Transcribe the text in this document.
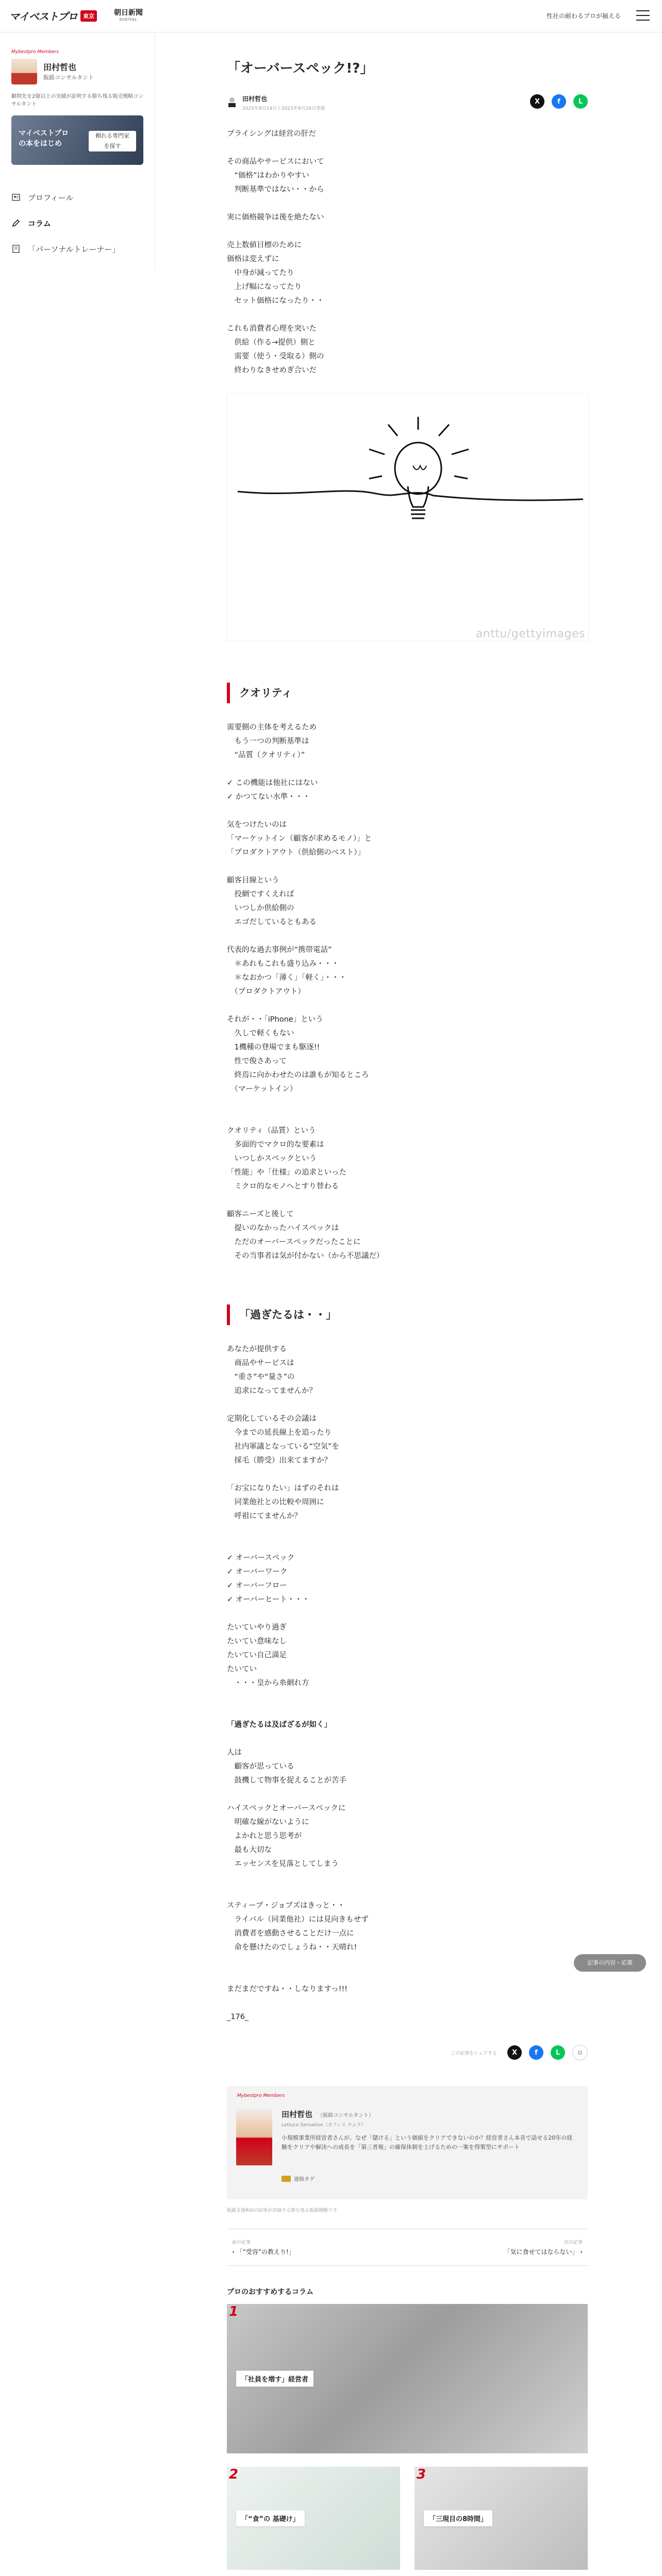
マイベストプロ	東京	朝日新聞
DIGITAL	性社の耐わるプロが揃える
Mybestpro Members
田村哲也
販路コンサルタント
顧問先を2億以上の実績が証明する勝ち残る販売戦略コンサルタント
マイベストプロ
の本をはじめ
頼れる専門家
を探す
プロフィール
コラム
「パーソナルトレーナー」
「オーバースペック!?」
田村哲也
2025年8月14日 / 2025年9月24日更新
X	f	L
プライシングは経営の肝だ
その商品やサービスにおいて
　“価格”はわかりやすい
　判断基準ではない・・から
実に価格競争は後を絶たない
売上数値目標のために
価格は変えずに
　中身が減ってたり
　上げ幅になってたり
　セット価格になったり・・
これも消費者心理を突いた
　供給（作る→提供）側と
　需要（使う・受取る）側の
　終わりなきせめぎ合いだ
anttu/gettyimages
クオリティ
需要側の主体を考えるため
　もう一つの判断基準は
　“品質（クオリティ）”
✓ この機能は他社にはない
✓ かつてない水準・・・
気をつけたいのは
「マーケットイン（顧客が求めるモノ）」と
「プロダクトアウト（供給側のベスト）」
顧客目線という
　投網ですくえれば
　いつしか供給側の
　エゴだしているともある
代表的な過去事例が“携帯電話”
　＊あれもこれも盛り込み・・・
　＊なおかつ「薄く」「軽く」・・・
　（プロダクトアウト）
それが・・「iPhone」という
　久しで軽くもない
　1機種の登場でまも駆逐!!
　性で俊さあって
　終焉に向かわせたのは誰もが知るところ
　（マーケットイン）
クオリティ（品質）という
　多面的でマクロ的な要素は
　いつしかスペックという
「性能」や「仕様」の追求といった
　ミクロ的なモノへとすり替わる
顧客ニーズと後して
　提いのなかったハイスペックは
　ただのオーバースペックだったことに
　その当事者は気が付かない（から不思議だ）
「過ぎたるは・・」
あなたが提供する
　商品やサービスは
　“重さ”や“量さ”の
　追求になってませんか？
定期化しているその会議は
　今までの延長線上を追ったり
　社内軍議となっている“空気”を
　採毛（勝受）出来てますか？
「お宝になりたい」はずのそれは
　同業他社との比較や周囲に
　呼祖にてませんか？
✓ オーバースペック
✓ オーバーワーク
✓ オーバーフロー
✓ オーバーヒート・・・
たいていやり過ぎ
たいてい意味なし
たいてい自己満足
たいてい
　・・・皇から糸網れ方
「過ぎたるは及ばざるが如く」
人は
　顧客が思っている
　鼓機して物事を捉えることが苦手
ハイスペックとオーバースペックに
　明確な線がないように
　よかれと思う思考が
　最も大切な
　エッセンスを見落としてしまう
スティーブ・ジョブズはきっと・・
　ライバル（同業他社）には見向きもせず
　消費者を感動させることだけ一点に
　命を懸けたのでしょうね・・天晴れ!
まだまだですね・・しなりますっ!!!
_176_
この記事をシェアする	X	f	L	⧉
Mybestpro Members
田村哲也 （販路コンサルタント）
Lettuce Sensation（オフィス タムラ）
小規模事業所経営者さんが、なぜ「儲ける」という価値をクリアできないのか？経営者さん本音で話せる20年の経験をクリアや解決への成長を「第三者視」の確保体制を上げるための一案を得策型にサポート
連絡タグ
販路支援ROIの結果が評価する勝ち残る販路戦略です
前の記事
‹ 「“受容”の教えり!」
次の記事
「気に食せてはならない」 ›
プロのおすすめするコラム
1
「社員を増す」経営者
2
「“食”の 基礎け」
3
「三現目の8時間」
記事の内容・応募
